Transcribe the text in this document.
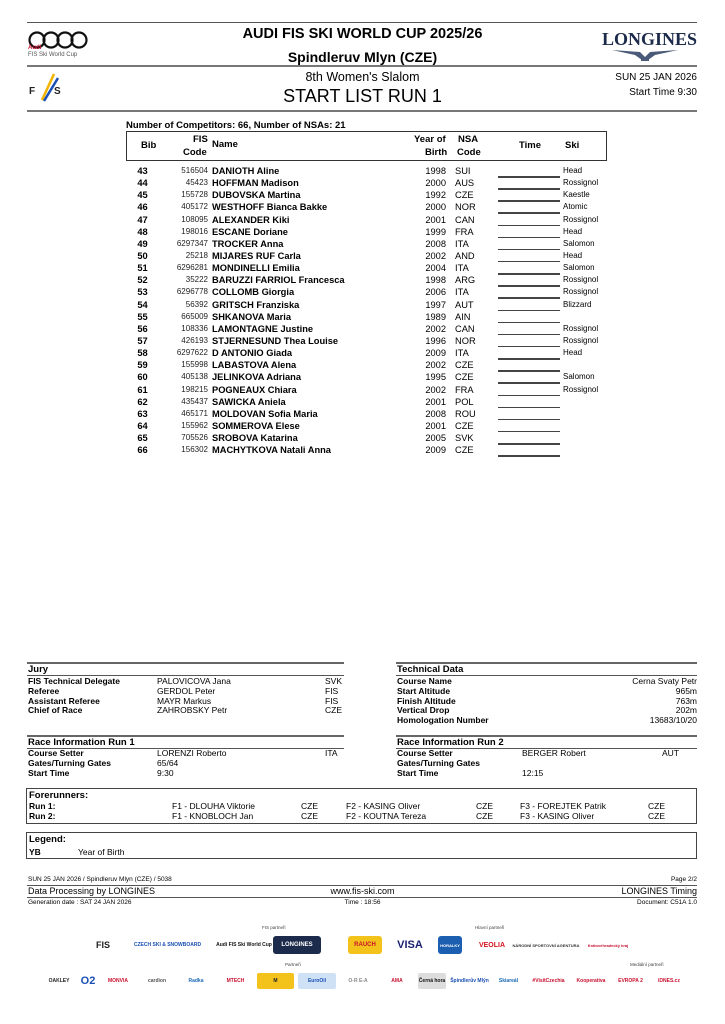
Audi
FIS Ski World Cup
AUDI FIS SKI WORLD CUP 2025/26
Spindleruv Mlyn (CZE)
LONGINES
F S
8th Women's Slalom
START LIST RUN 1
SUN 25 JAN 2026
Start Time 9:30
Number of Competitors: 66, Number of NSAs: 21
Bib
FIS
Code
Name	Year of
Birth
NSA
Code
Time	Ski
43	516504 DANIOTH Aline	1998 SUI	Head
44	45423 HOFFMAN Madison	2000 AUS	Rossignol
45	155728 DUBOVSKA Martina	1992 CZE	Kaestle
46	405172 WESTHOFF Bianca Bakke	2000 NOR	Atomic
47	108095 ALEXANDER Kiki	2001 CAN	Rossignol
48	198016 ESCANE Doriane	1999 FRA	Head
49	6297347 TROCKER Anna	2008 ITA	Salomon
50	25218 MIJARES RUF Carla	2002 AND	Head
51	6296281 MONDINELLI Emilia	2004 ITA	Salomon
52	35222 BARUZZI FARRIOL Francesca	1998 ARG	Rossignol
53	6296778 COLLOMB Giorgia	2006 ITA	Rossignol
54	56392 GRITSCH Franziska	1997 AUT	Blizzard
55	665009 SHKANOVA Maria	1989 AIN
56	108336 LAMONTAGNE Justine	2002 CAN	Rossignol
57	426193 STJERNESUND Thea Louise	1996 NOR	Rossignol
58	6297622 D ANTONIO Giada	2009 ITA	Head
59	155998 LABASTOVA Alena	2002 CZE
60	405138 JELINKOVA Adriana	1995 CZE	Salomon
61	198215 POGNEAUX Chiara	2002 FRA	Rossignol
62	435437 SAWICKA Aniela	2001 POL
63	465171 MOLDOVAN Sofia Maria	2008 ROU
64	155962 SOMMEROVA Elese	2001 CZE
65	705526 SROBOVA Katarina	2005 SVK
66	156302 MACHYTKOVA Natali Anna	2009 CZE
Jury
FIS Technical Delegate	PALOVICOVA Jana	SVK
Referee	GERDOL Peter	FIS
Assistant Referee	MAYR Markus	FIS
Chief of Race	ZAHROBSKY Petr	CZE
Technical Data
Course Name	Cerna Svaty Petr
Start Altitude	965m
Finish Altitude	763m
Vertical Drop	202m
Homologation Number	13683/10/20
Race Information Run 1
Course Setter	LORENZI Roberto	ITA
Gates/Turning Gates	65/64
Start Time	9:30
Race Information Run 2
Course Setter	BERGER Robert	AUT
Gates/Turning Gates
Start Time	12:15
Forerunners:
Run 1:	F1 - DLOUHA Viktorie	CZE	F2 - KASING Oliver	CZE	F3 - FOREJTEK Patrik	CZE
Run 2:	F1 - KNOBLOCH Jan	CZE	F2 - KOUTNA Tereza	CZE	F3 - KASING Oliver	CZE
Legend:
YB	Year of Birth
SUN 25 JAN 2026 / Spindleruv Mlyn (CZE) / 5038	Page 2/2
Data Processing by LONGINES	www.fis-ski.com	LONGINES Timing
Generation date : SAT 24 JAN 2026	Time : 18:56	Document: C51A 1.0
FIS partneři	Hlavní partneři
Partneři	Mediální partneři
FIS	CZECH SKI & SNOWBOARD	Audi FIS Ski World Cup	LONGINES	RAUCH	VISA	HORALKY	VEOLIA	NÁRODNÍ SPORTOVNÍ AGENTURA	Královéhradecký kraj
OAKLEY	O2	MONVIA	cardion	Radka	MTECH	M	EuroOil	O-R E-A	AMA	Černá hora Špindlerův Mlýn	Skiareál	#VisitCzechia	Kooperativa	EVROPA 2	iDNES.cz
